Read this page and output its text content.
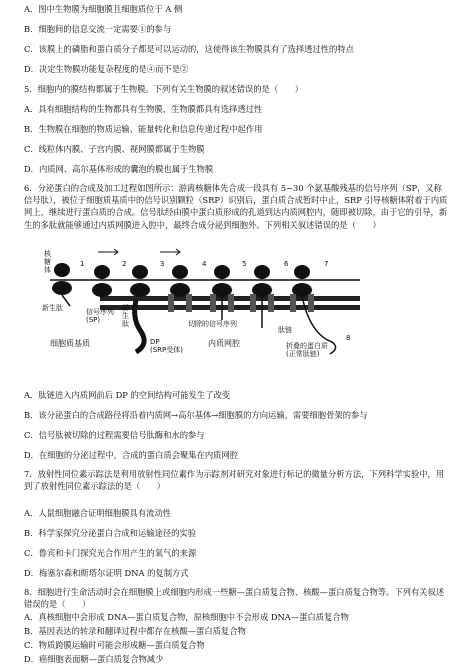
A．图中生物膜为细胞膜且细胞质位于 A 侧
B．细胞间的信息交流一定需要①的参与
C．该膜上的磷脂和蛋白质分子都是可以运动的，这使得该生物膜具有了选择透过性的特点
D．决定生物膜功能复杂程度的是④而不是②
5．细胞内的膜结构都属于生物膜。下列有关生物膜的叙述错误的是（　　）
A．具有细胞结构的生物都具有生物膜，生物膜都具有选择透过性
B．生物膜在细胞的物质运输、能量转化和信息传递过程中起作用
C．线粒体内膜、子宫内膜、视网膜都属于生物膜
D．内质网、高尔基体形成的囊泡的膜也属于生物膜
6．分泌蛋白的合成及加工过程如图所示：游离核糖体先合成一段具有 5~30 个氨基酸残基的信号序列（SP，又称信号肽），被位于细胞质基质中的信号识别颗粒（SRP）识别后，蛋白质合成暂时中止，SRP 引导核糖体附着于内质网上，继续进行蛋白质的合成。信号肽经由膜中蛋白质形成的孔道到达内质网腔内，随即被切除，由于它的引导，新生的多肽就能够通过内质网膜进入腔中，最终合成分泌到细胞外。下列相关叙述错误的是（　　）
核糖体
新生肽	信号序列(SP)
新生肽
细胞质基质	DP (SRP受体)
切除的信号序列
内质网腔
肽链
折叠的蛋白质(正常肽链)
1	2	3	4	5	6	7
8
A．肽链进入内质网前后 DP 的空间结构可能发生了改变
B．该分泌蛋白的合成路径将沿着内质网→高尔基体→细胞膜的方向运输，需要细胞骨架的参与
C．信号肽被切除的过程需要信号肽酶和水的参与
D．在细胞的分泌过程中，合成的蛋白质会聚集在内质网腔
7．放射性同位素示踪法是利用放射性同位素作为示踪剂对研究对象进行标记的微量分析方法，下列科学实验中，用到了放射性同位素示踪法的是（　　）
A．人鼠细胞融合证明细胞膜具有流动性
B．科学家探究分泌蛋白合成和运输途径的实验
C．鲁宾和卡门探究光合作用产生的氧气的来源
D．梅塞尔森和斯塔尔证明 DNA 的复制方式
8．细胞进行生命活动时会在细胞膜上或细胞内形成一些糖—蛋白质复合物、核酸—蛋白质复合物等。下列有关叙述错误的是（　　）
A．真核细胞中会形成 DNA—蛋白质复合物，原核细胞中不会形成 DNA—蛋白质复合物
B．基因表达的转录和翻译过程中都存在核酸—蛋白质复合物
C．物质跨膜运输时可能会形成糖—蛋白质复合物
D．癌细胞表面糖—蛋白质复合物减少
